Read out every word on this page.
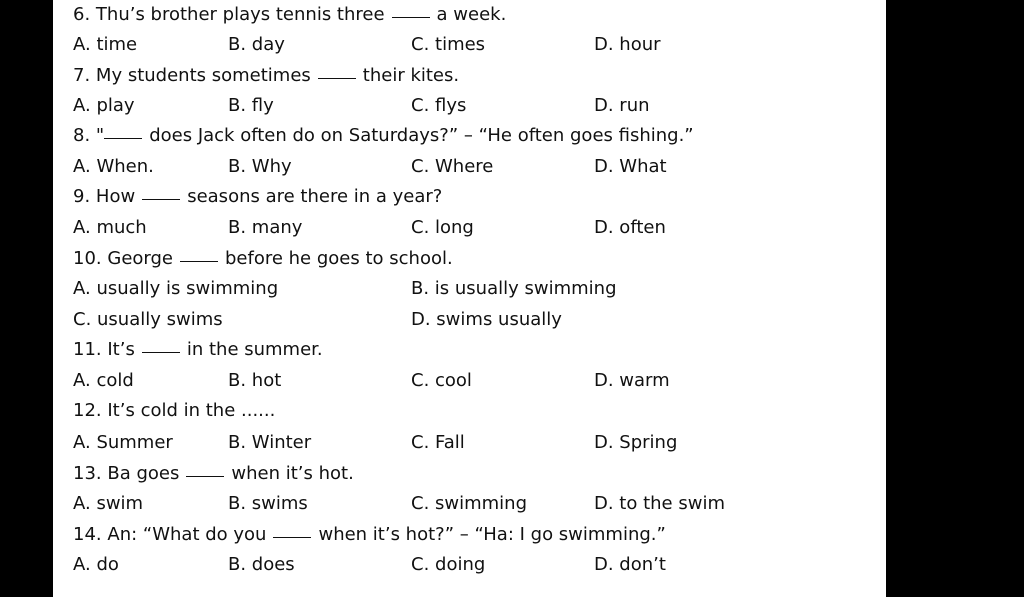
6. Thu’s brother plays tennis three	a week.
A. time	B. day	C. times	D. hour
7. My students sometimes	their kites.
A. play	B. fly	C. flys	D. run
8. "	does Jack often do on Saturdays?” – “He often goes fishing.”
A. When.	B. Why	C. Where	D. What
9. How	seasons are there in a year?
A. much	B. many	C. long	D. often
10. George	before he goes to school.
A. usually is swimming	B. is usually swimming
C. usually swims	D. swims usually
11. It’s	in the summer.
A. cold	B. hot	C. cool	D. warm
12. It’s cold in the ......
A. Summer	B. Winter	C. Fall	D. Spring
13. Ba goes	when it’s hot.
A. swim	B. swims	C. swimming	D. to the swim
14. An: “What do you	when it’s hot?” – “Ha: I go swimming.”
A. do	B. does	C. doing	D. don’t
